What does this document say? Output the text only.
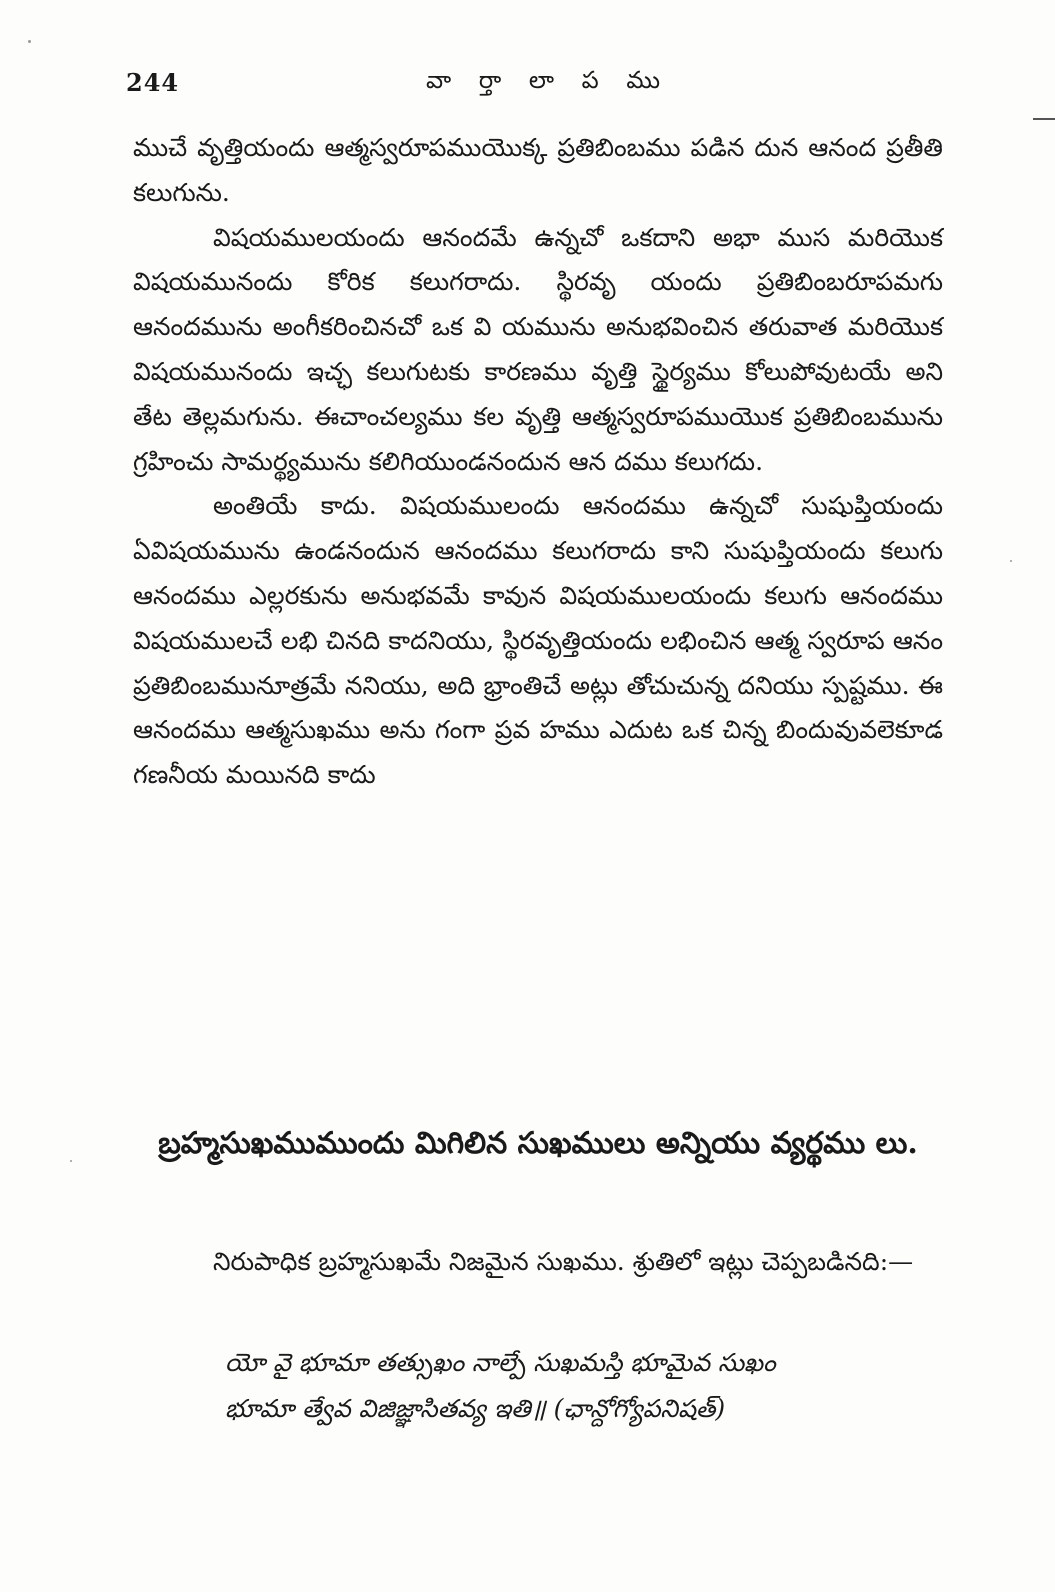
244	వా ర్తా లా ప ము

ముచే వృత్తియందు ఆత్మస్వరూపముయొక్క ప్రతిబింబము పడిన దున ఆనంద ప్రతీతి కలుగును.

విషయములయందు ఆనందమే ఉన్నచో ఒకదాని అభా ముస మరియొక విషయమునందు కోరిక కలుగరాదు. స్థిరవృ యందు ప్రతిబింబరూపమగు ఆనందమును అంగీకరించినచో ఒక వి యమును అనుభవించిన తరువాత మరియొక విషయమునందు ఇచ్ఛ కలుగుటకు కారణము వృత్తి స్థైర్యము కోలుపోవుటయే అని తేట తెల్లమగును. ఈచాంచల్యము కల వృత్తి ఆత్మస్వరూపముయొక ప్రతిబింబమును గ్రహించు సామర్థ్యమును కలిగియుండనందున ఆన దము కలుగదు.

అంతియే కాదు. విషయములందు ఆనందము ఉన్నచో సుషుప్తియందు ఏవిషయమును ఉండనందున ఆనందము కలుగరాదు కాని సుషుప్తియందు కలుగు ఆనందము ఎల్లరకును అనుభవమే కావున విషయములయందు కలుగు ఆనందము విషయములచే లభి చినది కాదనియు, స్థిరవృత్తియందు లభించిన ఆత్మ స్వరూప ఆనం ప్రతిబింబమునూత్రమే ననియు, అది భ్రాంతిచే అట్లు తోచుచున్న దనియు స్పష్టము. ఈ ఆనందము ఆత్మసుఖము అను గంగా ప్రవ హము ఎదుట ఒక చిన్న బిందువువలెకూడ గణనీయ మయినది కాదు

బ్రహ్మసుఖముముందు మిగిలిన సుఖములు అన్నియు వ్యర్థము లు.

నిరుపాధిక బ్రహ్మసుఖమే నిజమైన సుఖము. శ్రుతిలో ఇట్లు చెప్పబడినది:—

యో వై భూమా తత్సుఖం నాల్పే సుఖమస్తి భూమైవ సుఖం
భూమా త్వేవ విజిజ్ఞాసితవ్య ఇతి॥ (ఛాన్దోగ్యోపనిషత్)
